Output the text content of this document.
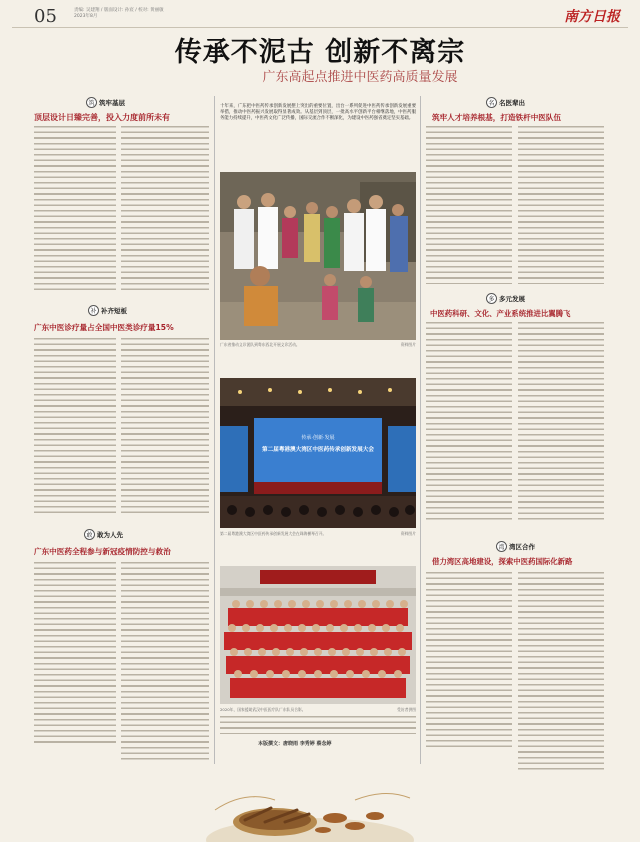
05	责编: 吴建翔 / 版面设计: 孙宸 / 校对: 黄丽敏
2023年8月	南方日报
传承不泥古 创新不离宗
广东高起点推进中医药高质量发展
筑 筑牢基层
顶层设计日臻完善，投入力度前所未有
补 补齐短板
广东中医诊疗量占全国中医类诊疗量15%
敢 敢为人先
广东中医药全程参与新冠疫情防控与救治
十年来，广东把中医药传承创新发展摆上突出的重要位置，出台一系列促进中医药传承创新发展重要举措，推动中医药振兴发展取得显著成效。从基层到顶层，一批高水平创新平台相继落地，中医药服务能力持续提升，中医药文化广泛传播，国际交流合作不断深化，为建设中医药强省奠定坚实基础。
广东省推动义诊团队到粤东西北开展义诊活动。	资料图片
传承·创新·发展
第二届粤港澳大湾区中医药传承创新发展大会
第二届粤港澳大湾区中医药传承创新发展大会在珠海横琴召开。	资料图片
2020年，国家援助武汉中医医疗队广东队员合影。	受访者供图
本版撰文：唐晓雨 李秀婷 蔡念婷
名 名医辈出
筑牢人才培养根基，打造铁杆中医队伍
多 多元发展
中医药科研、文化、产业系统推进比翼腾飞
湾 湾区合作
借力湾区高地建设，探索中医药国际化新路
